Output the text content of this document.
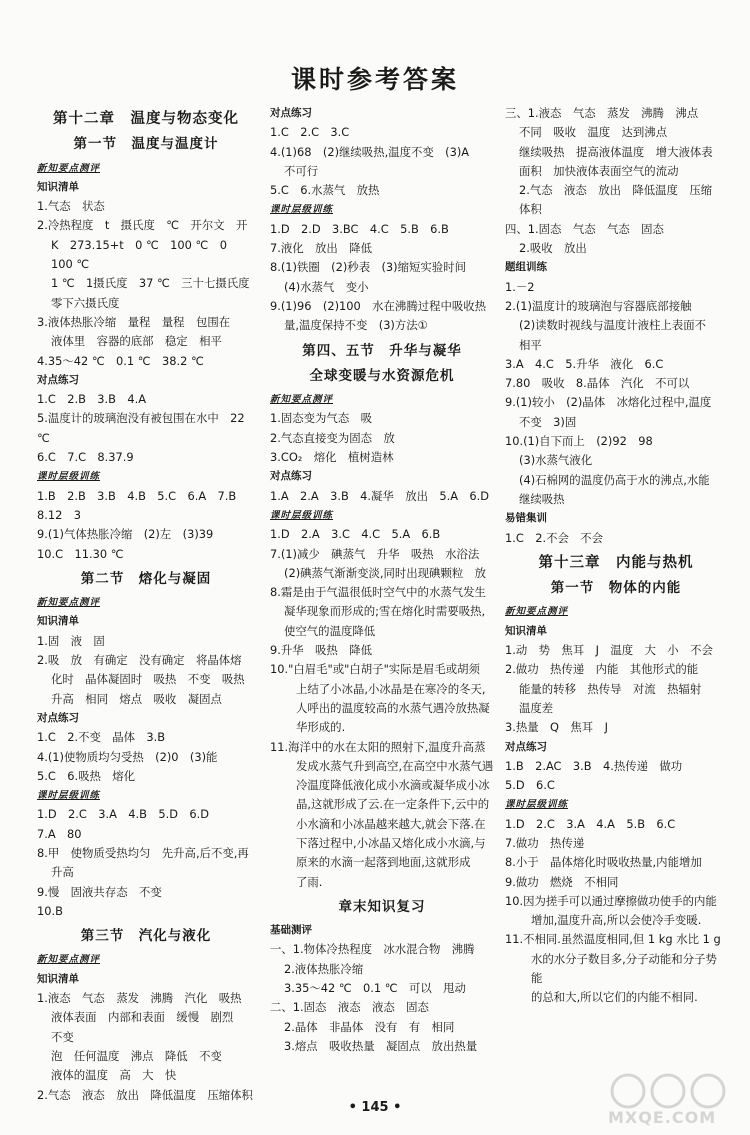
课时参考答案

第十二章　温度与物态变化

第一节　温度与温度计

新知要点测评

知识清单

1.气态　状态

2.冷热程度　t　摄氏度　℃　开尔文　开

K　273.15+t　0 ℃　100 ℃　0　100 ℃

1 ℃　1摄氏度　37 ℃　三十七摄氏度

零下六摄氏度

3.液体热胀冷缩　量程　量程　包围在

液体里　容器的底部　稳定　相平

4.35～42 ℃　0.1 ℃　38.2 ℃

对点练习

1.C　2.B　3.B　4.A

5.温度计的玻璃泡没有被包围在水中　22 ℃

6.C　7.C　8.37.9

课时层级训练

1.B　2.B　3.B　4.B　5.C　6.A　7.B

8.12　3

9.(1)气体热胀冷缩　(2)左　(3)39

10.C　11.30 ℃

第二节　熔化与凝固

新知要点测评

知识清单

1.固　液　固

2.吸　放　有确定　没有确定　将晶体熔

化时　晶体凝固时　吸热　不变　吸热

升高　相同　熔点　吸收　凝固点

对点练习

1.C　2.不变　晶体　3.B

4.(1)使物质均匀受热　(2)0　(3)能

5.C　6.吸热　熔化

课时层级训练

1.D　2.C　3.A　4.B　5.D　6.D

7.A　80

8.甲　使物质受热均匀　先升高,后不变,再

升高

9.慢　固液共存态　不变

10.B

第三节　汽化与液化

新知要点测评

知识清单

1.液态　气态　蒸发　沸腾　汽化　吸热

液体表面　内部和表面　缓慢　剧烈　不变

泡　任何温度　沸点　降低　不变

液体的温度　高　大　快

2.气态　液态　放出　降低温度　压缩体积

对点练习

1.C　2.C　3.C

4.(1)68　(2)继续吸热,温度不变　(3)A

不可行

5.C　6.水蒸气　放热

课时层级训练

1.D　2.D　3.BC　4.C　5.B　6.B

7.液化　放出　降低

8.(1)铁圈　(2)秒表　(3)缩短实验时间

(4)水蒸气　变小

9.(1)96　(2)100　水在沸腾过程中吸收热

量,温度保持不变　(3)方法①

第四、五节　升华与凝华

全球变暖与水资源危机

新知要点测评

1.固态变为气态　吸

2.气态直接变为固态　放

3.CO₂　熔化　植树造林

对点练习

1.A　2.A　3.B　4.凝华　放出　5.A　6.D

课时层级训练

1.D　2.A　3.C　4.C　5.A　6.B

7.(1)减少　碘蒸气　升华　吸热　水浴法

(2)碘蒸气渐渐变淡,同时出现碘颗粒　放

8.霜是由于气温很低时空气中的水蒸气发生

凝华现象而形成的;雪在熔化时需要吸热,

使空气的温度降低

9.升华　吸热　降低

10."白眉毛"或"白胡子"实际是眉毛或胡须

上结了小冰晶,小冰晶是在寒冷的冬天,

人呼出的温度较高的水蒸气遇冷放热凝

华形成的.

11.海洋中的水在太阳的照射下,温度升高蒸

发成水蒸气升到高空,在高空中水蒸气遇

冷温度降低液化成小水滴或凝华成小冰

晶,这就形成了云.在一定条件下,云中的

小水滴和小冰晶越来越大,就会下落.在

下落过程中,小冰晶又熔化成小水滴,与

原来的水滴一起落到地面,这就形成

了雨.

章末知识复习

基础测评

一、1.物体冷热程度　冰水混合物　沸腾

2.液体热胀冷缩

3.35～42 ℃　0.1 ℃　可以　甩动

二、1.固态　液态　液态　固态

2.晶体　非晶体　没有　有　相同

3.熔点　吸收热量　凝固点　放出热量

三、1.液态　气态　蒸发　沸腾　沸点

不同　吸收　温度　达到沸点

继续吸热　提高液体温度　增大液体表

面积　加快液体表面空气的流动

2.气态　液态　放出　降低温度　压缩

体积

四、1.固态　气态　气态　固态

2.吸收　放出

题组训练

1.－2

2.(1)温度计的玻璃泡与容器底部接触

(2)读数时视线与温度计液柱上表面不

相平

3.A　4.C　5.升华　液化　6.C

7.80　吸收　8.晶体　汽化　不可以

9.(1)较小　(2)晶体　冰熔化过程中,温度

不变　3)固

10.(1)自下而上　(2)92　98

(3)水蒸气液化

(4)石棉网的温度仍高于水的沸点,水能

继续吸热

易错集训

1.C　2.不会　不会

第十三章　内能与热机

第一节　物体的内能

新知要点测评

知识清单

1.动　势　焦耳　J　温度　大　小　不会

2.做功　热传递　内能　其他形式的能

能量的转移　热传导　对流　热辐射

温度差

3.热量　Q　焦耳　J

对点练习

1.B　2.AC　3.B　4.热传递　做功

5.D　6.C

课时层级训练

1.D　2.C　3.A　4.A　5.B　6.C

7.做功　热传递

8.小于　晶体熔化时吸收热量,内能增加

9.做功　燃烧　不相同

10.因为搓手可以通过摩擦做功使手的内能

增加,温度升高,所以会使冷手变暖.

11.不相同.虽然温度相同,但 1 kg 水比 1 g

水的水分子数目多,分子动能和分子势能

的总和大,所以它们的内能不相同.

• 145 •
MXQE.COM
